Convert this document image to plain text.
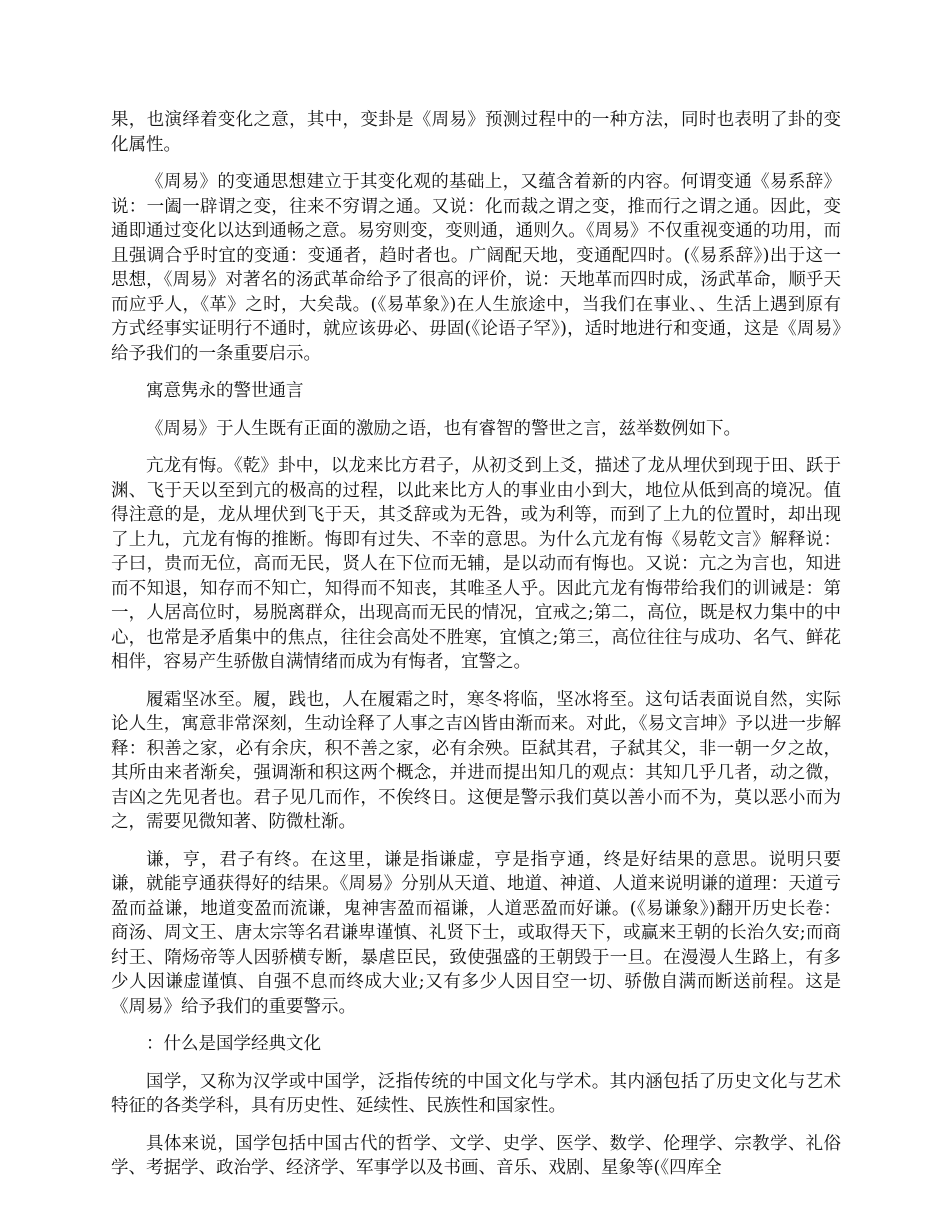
果，也演绎着变化之意，其中，变卦是《周易》预测过程中的一种方法，同时也表明了卦的变化属性。

《周易》的变通思想建立于其变化观的基础上，又蕴含着新的内容。何谓变通《易系辞》说：一阖一辟谓之变，往来不穷谓之通。又说：化而裁之谓之变，推而行之谓之通。因此，变通即通过变化以达到通畅之意。易穷则变，变则通，通则久。《周易》不仅重视变通的功用，而且强调合乎时宜的变通：变通者，趋时者也。广阔配天地，变通配四时。(《易系辞》)出于这一思想，《周易》对著名的汤武革命给予了很高的评价，说：天地革而四时成，汤武革命，顺乎天而应乎人，《革》之时，大矣哉。(《易革象》)在人生旅途中，当我们在事业、、生活上遇到原有方式经事实证明行不通时，就应该毋必、毋固(《论语子罕》)，适时地进行和变通，这是《周易》给予我们的一条重要启示。

寓意隽永的警世通言

《周易》于人生既有正面的激励之语，也有睿智的警世之言，兹举数例如下。

亢龙有悔。《乾》卦中，以龙来比方君子，从初爻到上爻，描述了龙从埋伏到现于田、跃于渊、飞于天以至到亢的极高的过程，以此来比方人的事业由小到大，地位从低到高的境况。值得注意的是，龙从埋伏到飞于天，其爻辞或为无咎，或为利等，而到了上九的位置时，却出现了上九，亢龙有悔的推断。悔即有过失、不幸的意思。为什么亢龙有悔《易乾文言》解释说：子曰，贵而无位，高而无民，贤人在下位而无辅，是以动而有悔也。又说：亢之为言也，知进而不知退，知存而不知亡，知得而不知丧，其唯圣人乎。因此亢龙有悔带给我们的训诫是：第一，人居高位时，易脱离群众，出现高而无民的情况，宜戒之;第二，高位，既是权力集中的中心，也常是矛盾集中的焦点，往往会高处不胜寒，宜慎之;第三，高位往往与成功、名气、鲜花相伴，容易产生骄傲自满情绪而成为有悔者，宜警之。

履霜坚冰至。履，践也，人在履霜之时，寒冬将临，坚冰将至。这句话表面说自然，实际论人生，寓意非常深刻，生动诠释了人事之吉凶皆由渐而来。对此，《易文言坤》予以进一步解释：积善之家，必有余庆，积不善之家，必有余殃。臣弑其君，子弑其父，非一朝一夕之故，其所由来者渐矣，强调渐和积这两个概念，并进而提出知几的观点：其知几乎几者，动之微，吉凶之先见者也。君子见几而作，不俟终日。这便是警示我们莫以善小而不为，莫以恶小而为之，需要见微知著、防微杜渐。

谦，亨，君子有终。在这里，谦是指谦虚，亨是指亨通，终是好结果的意思。说明只要谦，就能亨通获得好的结果。《周易》分别从天道、地道、神道、人道来说明谦的道理：天道亏盈而益谦，地道变盈而流谦，鬼神害盈而福谦，人道恶盈而好谦。(《易谦象》)翻开历史长卷：商汤、周文王、唐太宗等名君谦卑谨慎、礼贤下士，或取得天下，或赢来王朝的长治久安;而商纣王、隋炀帝等人因骄横专断，暴虐臣民，致使强盛的王朝毁于一旦。在漫漫人生路上，有多少人因谦虚谨慎、自强不息而终成大业;又有多少人因目空一切、骄傲自满而断送前程。这是《周易》给予我们的重要警示。

：什么是国学经典文化

国学，又称为汉学或中国学，泛指传统的中国文化与学术。其内涵包括了历史文化与艺术特征的各类学科，具有历史性、延续性、民族性和国家性。

具体来说，国学包括中国古代的哲学、文学、史学、医学、数学、伦理学、宗教学、礼俗学、考据学、政治学、经济学、军事学以及书画、音乐、戏剧、星象等(《四库全
